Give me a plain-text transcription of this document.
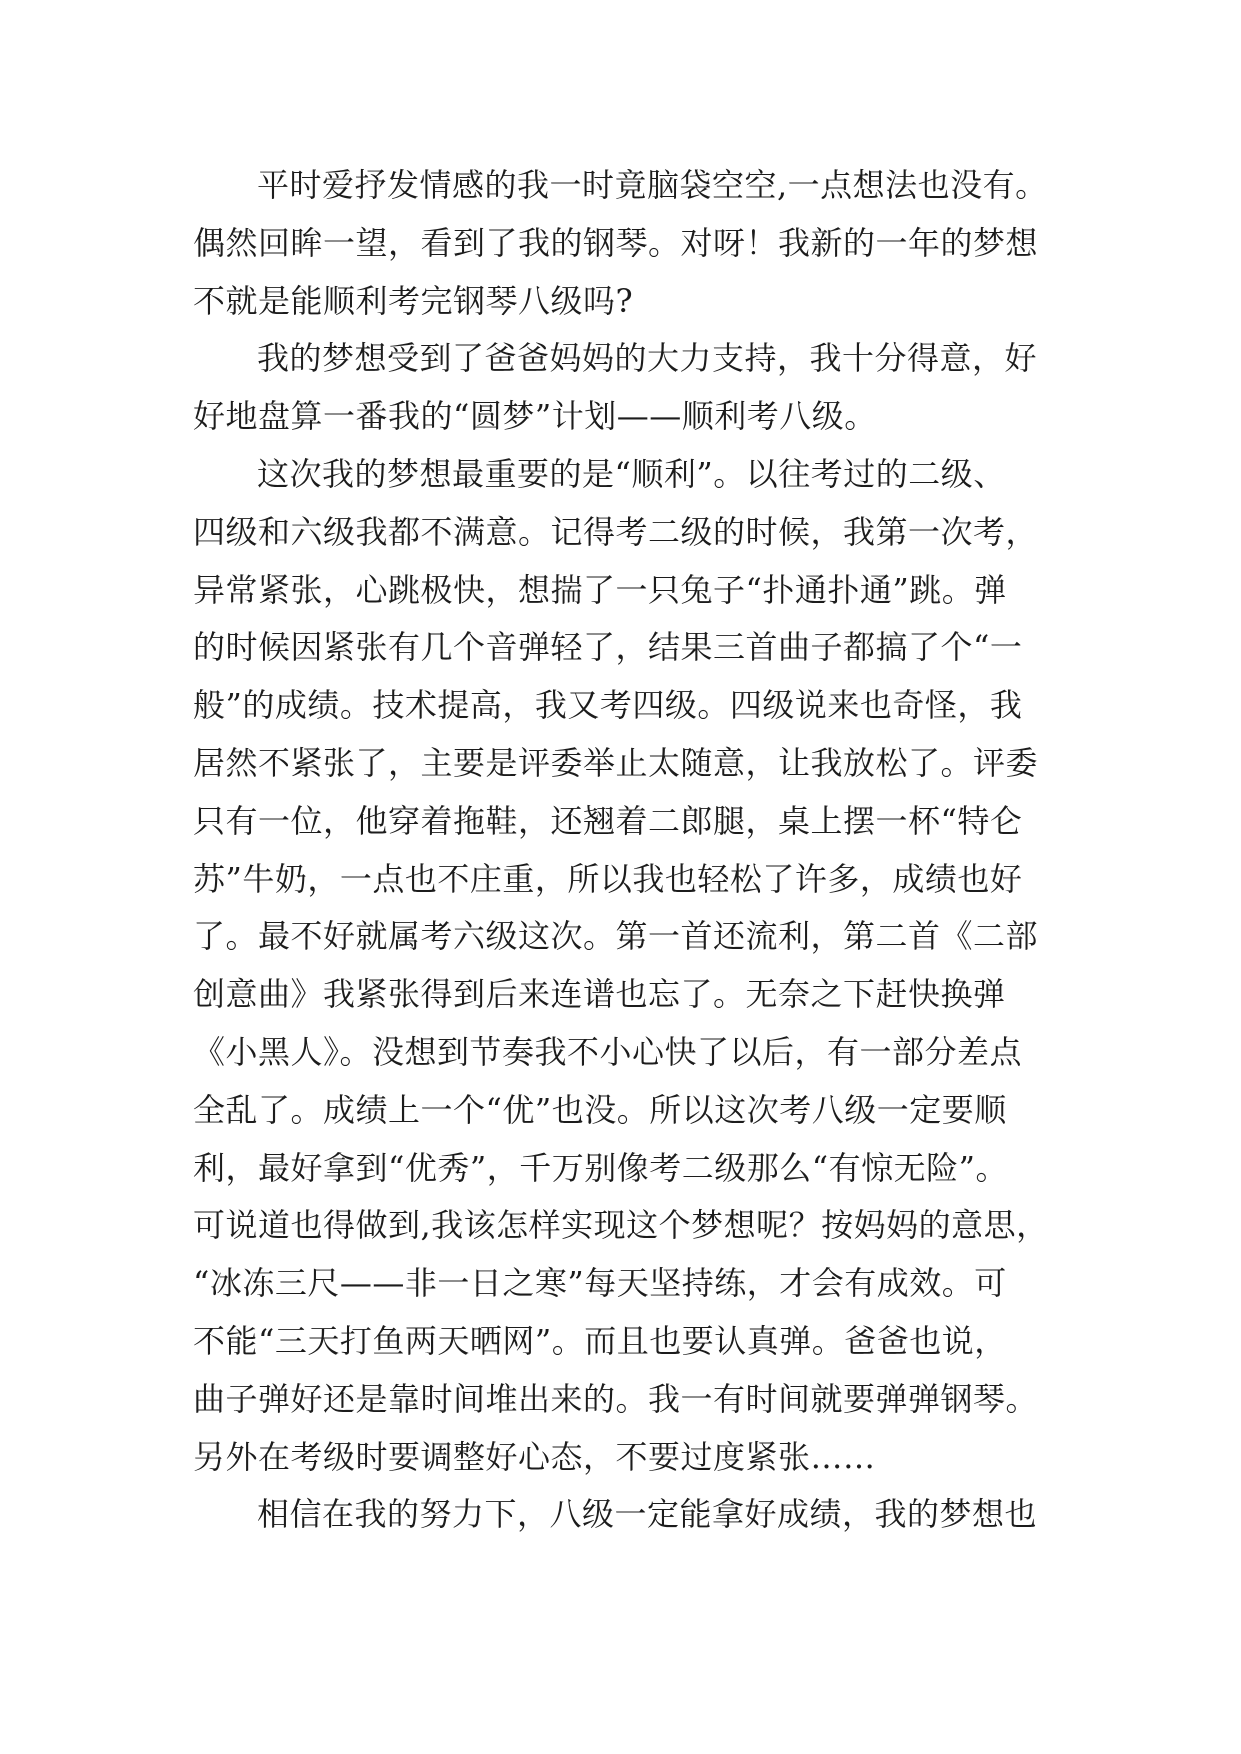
平时爱抒发情感的我一时竟脑袋空空,一点想法也没有。
偶然回眸一望，看到了我的钢琴。对呀！我新的一年的梦想
不就是能顺利考完钢琴八级吗?
我的梦想受到了爸爸妈妈的大力支持，我十分得意，好
好地盘算一番我的“圆梦”计划——顺利考八级。
这次我的梦想最重要的是“顺利”。以往考过的二级、
四级和六级我都不满意。记得考二级的时候，我第一次考，
异常紧张，心跳极快，想揣了一只兔子“扑通扑通”跳。弹
的时候因紧张有几个音弹轻了，结果三首曲子都搞了个“一
般”的成绩。技术提高，我又考四级。四级说来也奇怪，我
居然不紧张了，主要是评委举止太随意，让我放松了。评委
只有一位，他穿着拖鞋，还翘着二郎腿，桌上摆一杯“特仑
苏”牛奶，一点也不庄重，所以我也轻松了许多，成绩也好
了。最不好就属考六级这次。第一首还流利，第二首《二部
创意曲》我紧张得到后来连谱也忘了。无奈之下赶快换弹
《小黑人》。没想到节奏我不小心快了以后，有一部分差点
全乱了。成绩上一个“优”也没。所以这次考八级一定要顺
利，最好拿到“优秀”，千万别像考二级那么“有惊无险”。
可说道也得做到,我该怎样实现这个梦想呢？按妈妈的意思，
“冰冻三尺——非一日之寒”每天坚持练，才会有成效。可
不能“三天打鱼两天晒网”。而且也要认真弹。爸爸也说，
曲子弹好还是靠时间堆出来的。我一有时间就要弹弹钢琴。
另外在考级时要调整好心态，不要过度紧张……
相信在我的努力下，八级一定能拿好成绩，我的梦想也
